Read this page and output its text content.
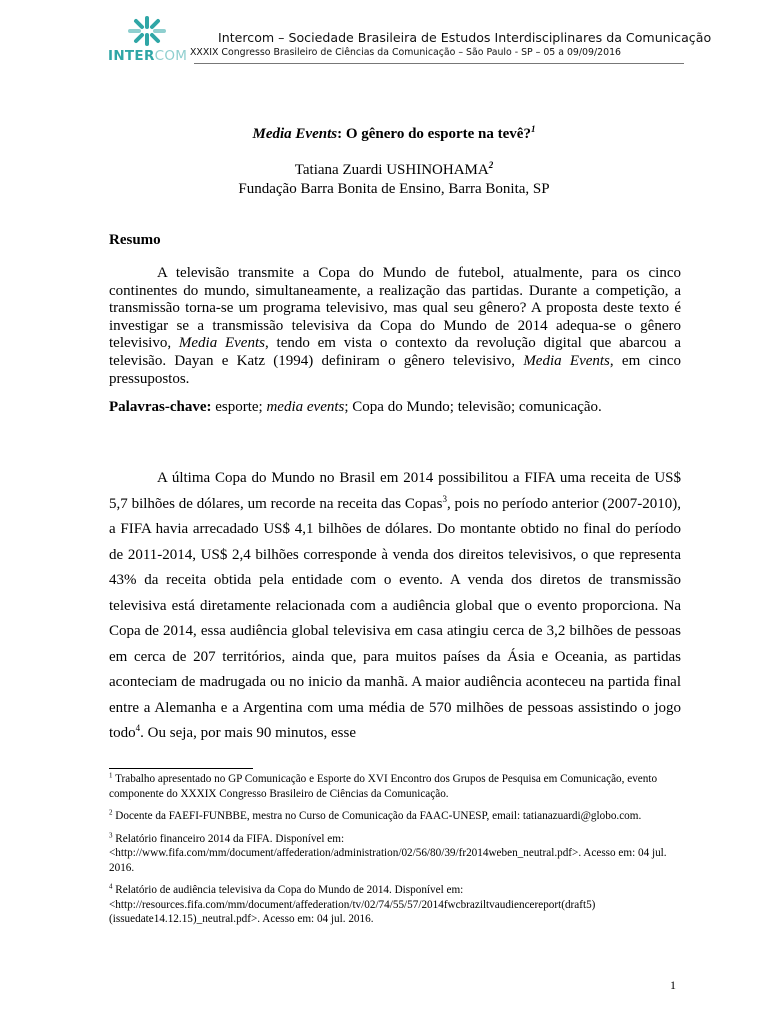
INTERCOM
Intercom – Sociedade Brasileira de Estudos Interdisciplinares da Comunicação
XXXIX Congresso Brasileiro de Ciências da Comunicação – São Paulo - SP – 05 a 09/09/2016
Media Events: O gênero do esporte na tevê?$^1$
Tatiana Zuardi USHINOHAMA$^2$
Fundação Barra Bonita de Ensino, Barra Bonita, SP
Resumo

A televisão transmite a Copa do Mundo de futebol, atualmente, para os cinco continentes do mundo, simultaneamente, a realização das partidas. Durante a competição, a transmissão torna-se um programa televisivo, mas qual seu gênero? A proposta deste texto é investigar se a transmissão televisiva da Copa do Mundo de 2014 adequa-se o gênero televisivo, Media Events, tendo em vista o contexto da revolução digital que abarcou a televisão. Dayan e Katz (1994) definiram o gênero televisivo, Media Events, em cinco pressupostos.

Palavras-chave: esporte; media events; Copa do Mundo; televisão; comunicação.

A última Copa do Mundo no Brasil em 2014 possibilitou a FIFA uma receita de US$ 5,7 bilhões de dólares, um recorde na receita das Copas$^3$, pois no período anterior (2007-2010), a FIFA havia arrecadado US$ 4,1 bilhões de dólares. Do montante obtido no final do período de 2011-2014, US$ 2,4 bilhões corresponde à venda dos direitos televisivos, o que representa 43% da receita obtida pela entidade com o evento. A venda dos diretos de transmissão televisiva está diretamente relacionada com a audiência global que o evento proporciona. Na Copa de 2014, essa audiência global televisiva em casa atingiu cerca de 3,2 bilhões de pessoas em cerca de 207 territórios, ainda que, para muitos países da Ásia e Oceania, as partidas aconteciam de madrugada ou no inicio da manhã. A maior audiência aconteceu na partida final entre a Alemanha e a Argentina com uma média de 570 milhões de pessoas assistindo o jogo todo$^4$. Ou seja, por mais 90 minutos, esse

$^1$ Trabalho apresentado no GP Comunicação e Esporte do XVI Encontro dos Grupos de Pesquisa em Comunicação, evento componente do XXXIX Congresso Brasileiro de Ciências da Comunicação.

$^2$ Docente da FAEFI-FUNBBE, mestra no Curso de Comunicação da FAAC-UNESP, email: tatianazuardi@globo.com.

$^3$ Relatório financeiro 2014 da FIFA. Disponível em: <http://www.fifa.com/mm/document/affederation/administration/02/56/80/39/fr2014weben_neutral.pdf>. Acesso em: 04 jul. 2016.

$^4$ Relatório de audiência televisiva da Copa do Mundo de 2014. Disponível em: <http://resources.fifa.com/mm/document/affederation/tv/02/74/55/57/2014fwcbraziltvaudiencereport(draft5)(issuedate14.12.15)_neutral.pdf>. Acesso em: 04 jul. 2016.

1
